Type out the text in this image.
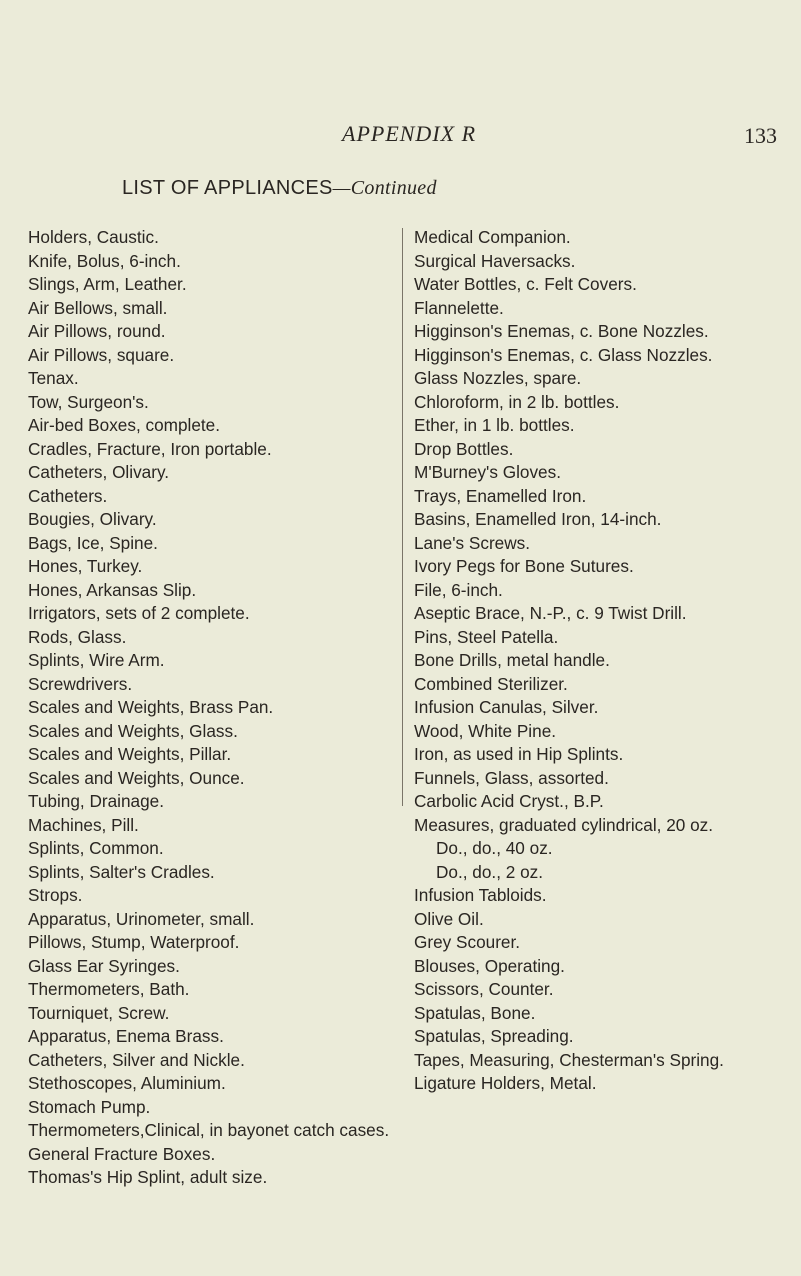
APPENDIX R	133
LIST OF APPLIANCES—Continued

Holders, Caustic.

Knife, Bolus, 6-inch.

Slings, Arm, Leather.

Air Bellows, small.

Air Pillows, round.

Air Pillows, square.

Tenax.

Tow, Surgeon's.

Air-bed Boxes, complete.

Cradles, Fracture, Iron portable.

Catheters, Olivary.

Catheters.

Bougies, Olivary.

Bags, Ice, Spine.

Hones, Turkey.

Hones, Arkansas Slip.

Irrigators, sets of 2 complete.

Rods, Glass.

Splints, Wire Arm.

Screwdrivers.

Scales and Weights, Brass Pan.

Scales and Weights, Glass.

Scales and Weights, Pillar.

Scales and Weights, Ounce.

Tubing, Drainage.

Machines, Pill.

Splints, Common.

Splints, Salter's Cradles.

Strops.

Apparatus, Urinometer, small.

Pillows, Stump, Waterproof.

Glass Ear Syringes.

Thermometers, Bath.

Tourniquet, Screw.

Apparatus, Enema Brass.

Catheters, Silver and Nickle.

Stethoscopes, Aluminium.

Stomach Pump.

Thermometers,Clinical, in bayonet catch cases.

General Fracture Boxes.

Thomas's Hip Splint, adult size.

Medical Companion.

Surgical Haversacks.

Water Bottles, c. Felt Covers.

Flannelette.

Higginson's Enemas, c. Bone Nozzles.

Higginson's Enemas, c. Glass Nozzles.

Glass Nozzles, spare.

Chloroform, in 2 lb. bottles.

Ether, in 1 lb. bottles.

Drop Bottles.

M'Burney's Gloves.

Trays, Enamelled Iron.

Basins, Enamelled Iron, 14-inch.

Lane's Screws.

Ivory Pegs for Bone Sutures.

File, 6-inch.

Aseptic Brace, N.-P., c. 9 Twist Drill.

Pins, Steel Patella.

Bone Drills, metal handle.

Combined Sterilizer.

Infusion Canulas, Silver.

Wood, White Pine.

Iron, as used in Hip Splints.

Funnels, Glass, assorted.

Carbolic Acid Cryst., B.P.

Measures, graduated cylindrical, 20 oz.

Do., do., 40 oz.

Do., do., 2 oz.

Infusion Tabloids.

Olive Oil.

Grey Scourer.

Blouses, Operating.

Scissors, Counter.

Spatulas, Bone.

Spatulas, Spreading.

Tapes, Measuring, Chesterman's Spring.

Ligature Holders, Metal.
